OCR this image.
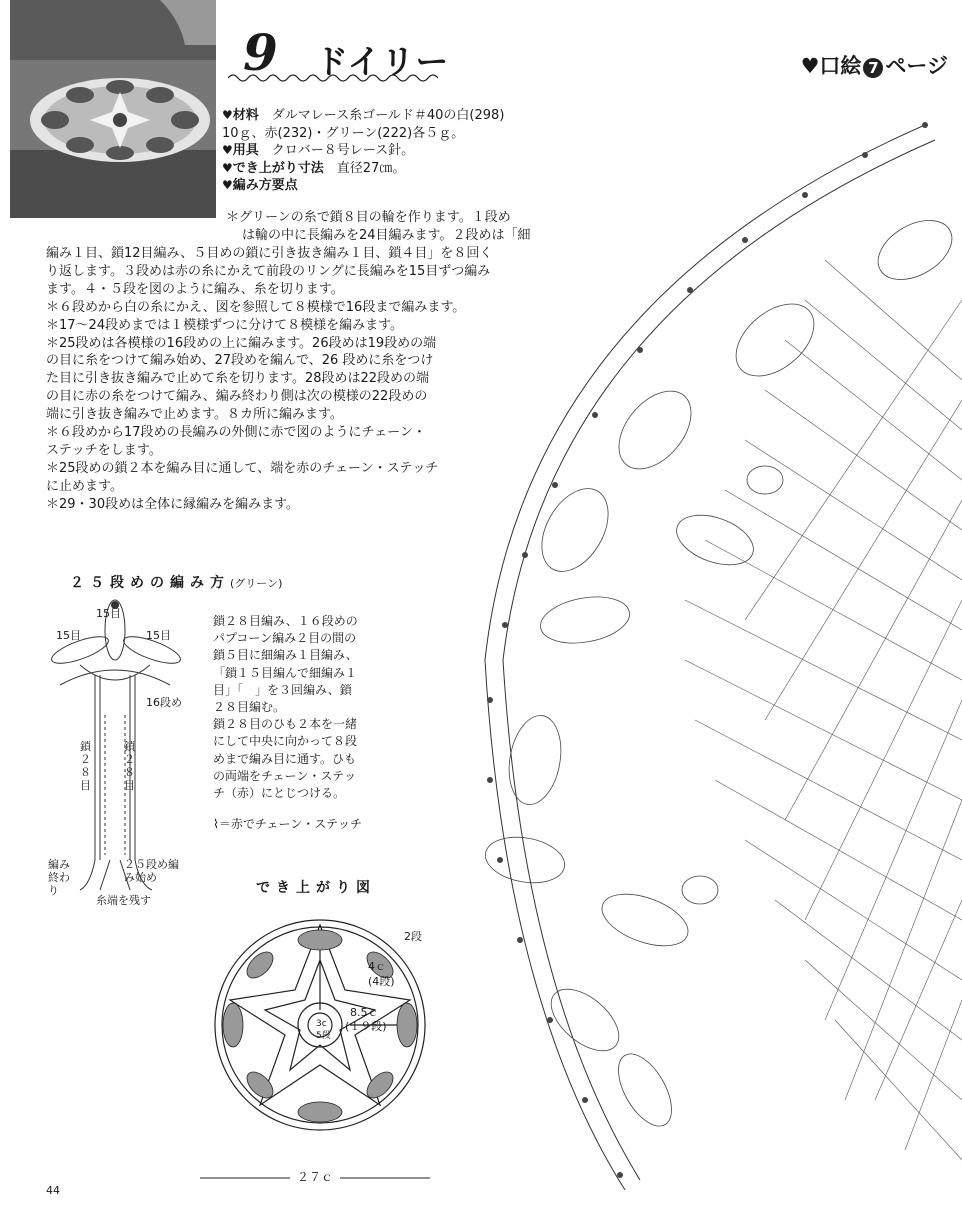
9 ドイリー	♥口絵 7 ページ
♥材料　 ダルマレース糸ゴールド＃40の白(298)
10ｇ、赤(232)・グリーン(222)各５ｇ。
♥用具　 クロバー８号レース針。
♥でき上がり寸法　 直径27㎝。
♥編み方要点
＊グリーンの糸で鎖８目の輪を作ります。１段め
は輪の中に長編みを24目編みます。２段めは「細
編み１目、鎖12目編み、５目めの鎖に引き抜き編み１目、鎖４目」を８回く
り返します。３段めは赤の糸にかえて前段のリングに長編みを15目ずつ編み
ます。４・５段を図のように編み、糸を切ります。
＊６段めから白の糸にかえ、図を参照して８模様で16段まで編みます。
＊17～24段めまでは１模様ずつに分けて８模様を編みます。
＊25段めは各模様の16段めの上に編みます。26段めは19段めの端
の目に糸をつけて編み始め、27段めを編んで、26 段めに糸をつけ
た目に引き抜き編みで止めて糸を切ります。28段めは22段めの端
の目に赤の糸をつけて編み、編み終わり側は次の模様の22段めの
端に引き抜き編みで止めます。８カ所に編みます。
＊６段めから17段めの長編みの外側に赤で図のようにチェーン・
ステッチをします。
＊25段めの鎖２本を編み目に通して、端を赤のチェーン・ステッチ
に止めます。
＊29・30段めは全体に縁編みを編みます。
２５段めの編み方(グリーン)
15目
15目	15目
16段め
鎖２８目
鎖２８目
編み終わり
２５段め編み始め
糸端を残す
鎖２８目編み、１６段めの
パプコーン編み２目の間の
鎖５目に細編み１目編み、
「鎖１５目編んで細編み１
目」「　」を３回編み、鎖
２８目編む。
鎖２８目のひも２本を一緒
にして中央に向かって８段
めまで編み目に通す。ひも
の両端をチェーン・ステッ
チ（赤）にとじつける。
⌇＝赤でチェーン・ステッチ
でき上がり図
2段
4ｃ
(4段)
8.5ｃ
(１９段)
3c
5段
２７ｃ
44
